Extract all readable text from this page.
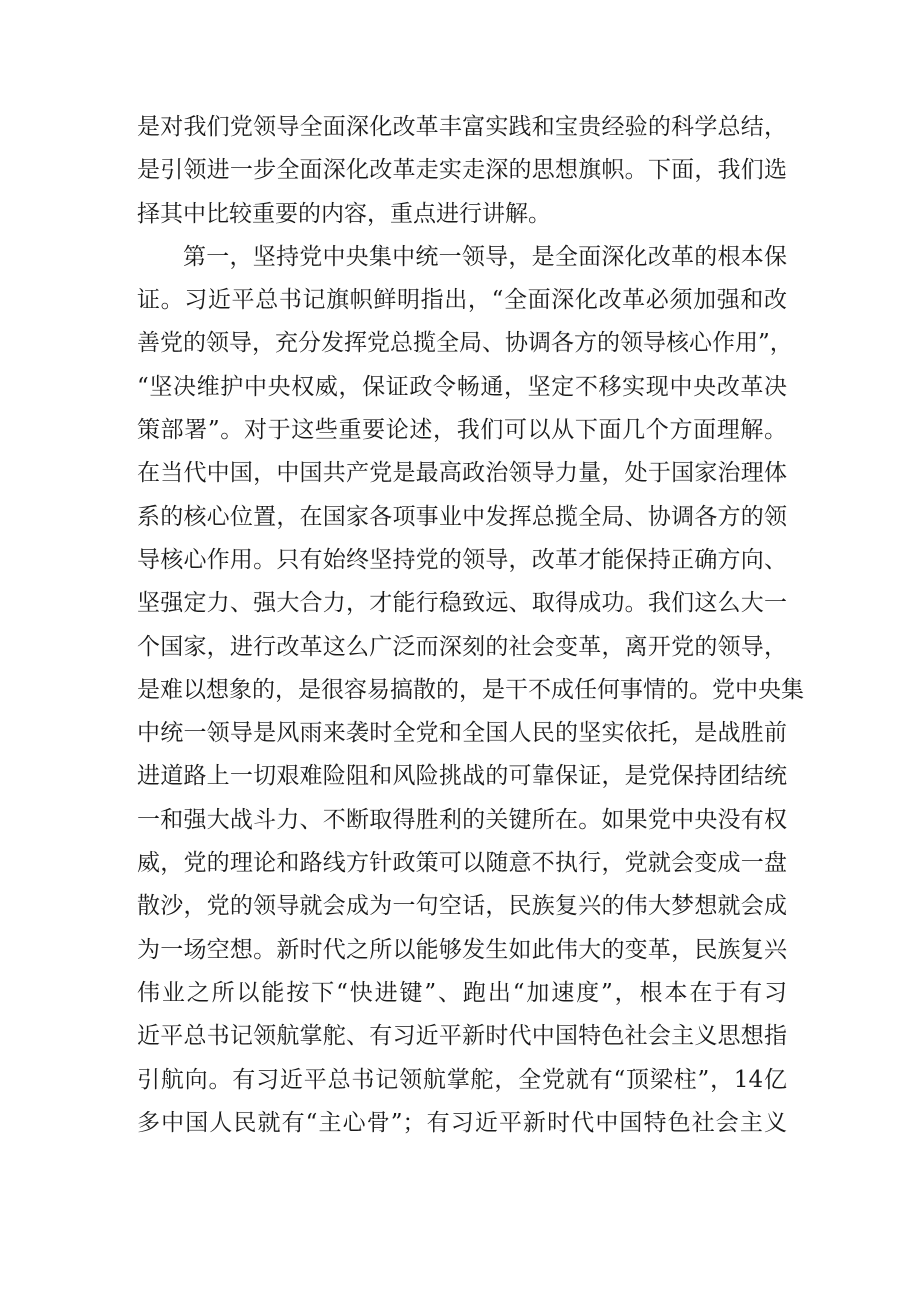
是对我们党领导全面深化改革丰富实践和宝贵经验的科学总结，
是引领进一步全面深化改革走实走深的思想旗帜。下面，我们选
择其中比较重要的内容，重点进行讲解。
第一，坚持党中央集中统一领导，是全面深化改革的根本保
证。习近平总书记旗帜鲜明指出，“全面深化改革必须加强和改
善党的领导，充分发挥党总揽全局、协调各方的领导核心作用”，
“坚决维护中央权威，保证政令畅通，坚定不移实现中央改革决
策部署”。对于这些重要论述，我们可以从下面几个方面理解。
在当代中国，中国共产党是最高政治领导力量，处于国家治理体
系的核心位置，在国家各项事业中发挥总揽全局、协调各方的领
导核心作用。只有始终坚持党的领导，改革才能保持正确方向、
坚强定力、强大合力，才能行稳致远、取得成功。我们这么大一
个国家，进行改革这么广泛而深刻的社会变革，离开党的领导，
是难以想象的，是很容易搞散的，是干不成任何事情的。党中央集
中统一领导是风雨来袭时全党和全国人民的坚实依托，是战胜前
进道路上一切艰难险阻和风险挑战的可靠保证，是党保持团结统
一和强大战斗力、不断取得胜利的关键所在。如果党中央没有权
威，党的理论和路线方针政策可以随意不执行，党就会变成一盘
散沙，党的领导就会成为一句空话，民族复兴的伟大梦想就会成
为一场空想。新时代之所以能够发生如此伟大的变革，民族复兴
伟业之所以能按下“快进键”、跑出“加速度”，根本在于有习
近平总书记领航掌舵、有习近平新时代中国特色社会主义思想指
引航向。有习近平总书记领航掌舵，全党就有“顶梁柱”，14亿
多中国人民就有“主心骨”；有习近平新时代中国特色社会主义
